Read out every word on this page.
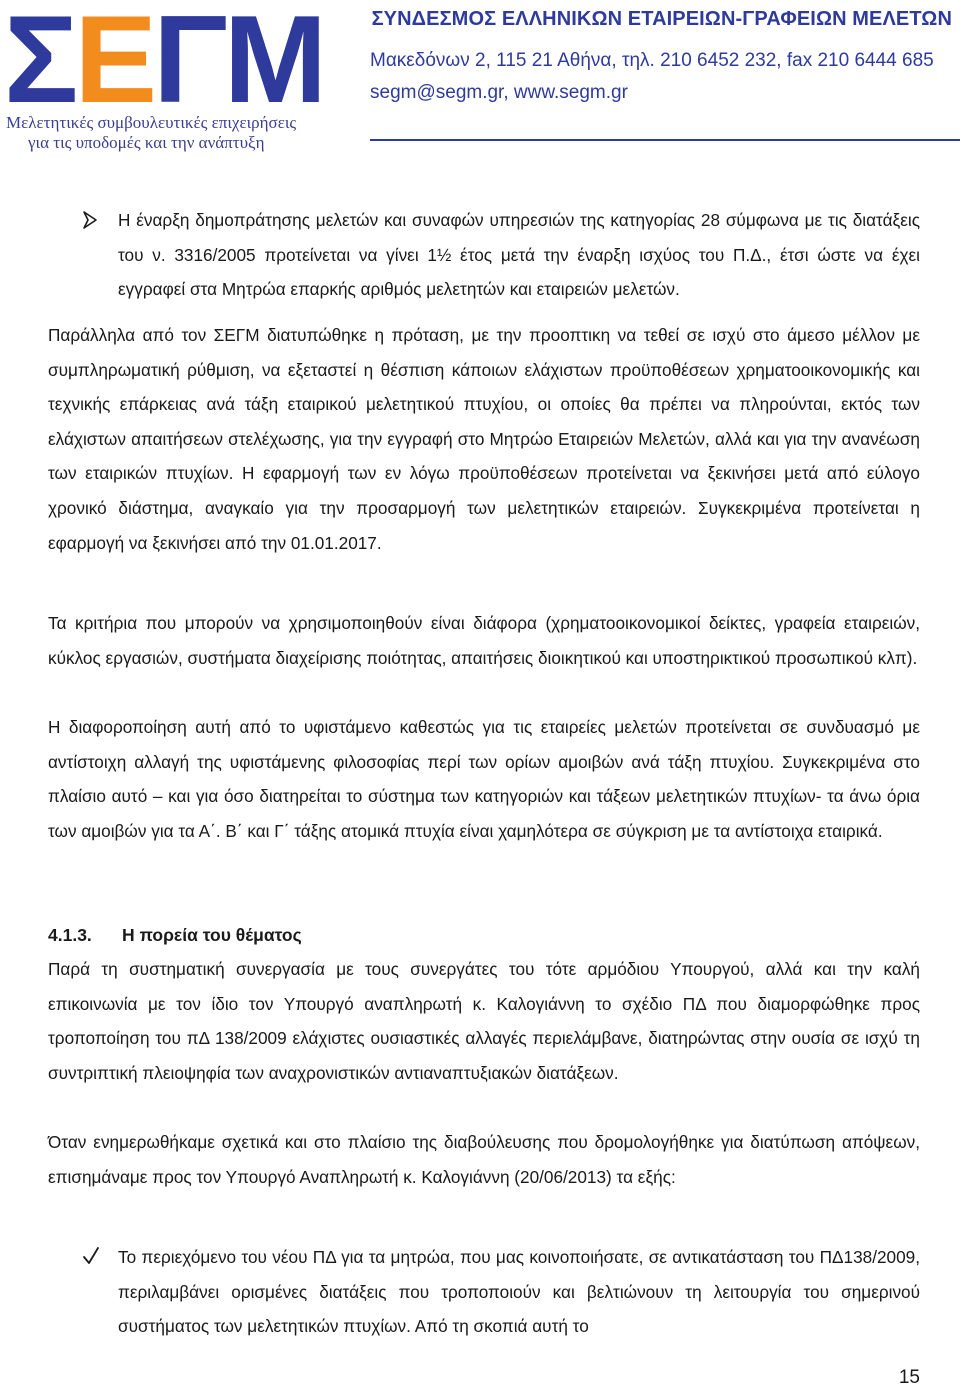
ΣΕΓΜ
Μελετητικές συμβουλευτικές επιχειρήσεις
για τις υποδομές και την ανάπτυξη
ΣΥΝΔΕΣΜΟΣ ΕΛΛΗΝΙΚΩΝ ΕΤΑΙΡΕΙΩΝ-ΓΡΑΦΕΙΩΝ ΜΕΛΕΤΩΝ
Μακεδόνων 2, 115 21 Αθήνα, τηλ. 210 6452 232, fax 210 6444 685
segm@segm.gr, www.segm.gr
Η έναρξη δημοπράτησης μελετών και συναφών υπηρεσιών της κατηγορίας 28 σύμφωνα με τις διατάξεις του ν. 3316/2005 προτείνεται να γίνει 1½ έτος μετά την έναρξη ισχύος του Π.Δ., έτσι ώστε να έχει εγγραφεί στα Μητρώα επαρκής αριθμός μελετητών και εταιρειών μελετών.
Παράλληλα από τον ΣΕΓΜ διατυπώθηκε η πρόταση, με την προοπτικη να τεθεί σε ισχύ στο άμεσο μέλλον με συμπληρωματική ρύθμιση, να εξεταστεί η θέσπιση κάποιων ελάχιστων προϋποθέσεων χρηματοοικονομικής και τεχνικής επάρκειας ανά τάξη εταιρικού μελετητικού πτυχίου, οι οποίες θα πρέπει να πληρούνται, εκτός των ελάχιστων απαιτήσεων στελέχωσης, για την εγγραφή στο Μητρώο Εταιρειών Μελετών, αλλά και για την ανανέωση των εταιρικών πτυχίων. Η εφαρμογή των εν λόγω προϋποθέσεων προτείνεται να ξεκινήσει μετά από εύλογο χρονικό διάστημα, αναγκαίο για την προσαρμογή των μελετητικών εταιρειών. Συγκεκριμένα προτείνεται η εφαρμογή να ξεκινήσει από την 01.01.2017.
Τα κριτήρια που μπορούν να χρησιμοποιηθούν είναι διάφορα (χρηματοοικονομικοί δείκτες, γραφεία εταιρειών, κύκλος εργασιών, συστήματα διαχείρισης ποιότητας, απαιτήσεις διοικητικού και υποστηρικτικού προσωπικού κλπ).
Η διαφοροποίηση αυτή από το υφιστάμενο καθεστώς για τις εταιρείες μελετών προτείνεται σε συνδυασμό με αντίστοιχη αλλαγή της υφιστάμενης φιλοσοφίας περί των ορίων αμοιβών ανά τάξη πτυχίου. Συγκεκριμένα στο πλαίσιο αυτό – και για όσο διατηρείται το σύστημα των κατηγοριών και τάξεων μελετητικών πτυχίων- τα άνω όρια των αμοιβών για τα Α΄. Β΄ και Γ΄ τάξης ατομικά πτυχία είναι χαμηλότερα σε σύγκριση με τα αντίστοιχα εταιρικά.
4.1.3. Η πορεία του θέματος
Παρά τη συστηματική συνεργασία με τους συνεργάτες του τότε αρμόδιου Υπουργού, αλλά και την καλή επικοινωνία με τον ίδιο τον Υπουργό αναπληρωτή κ. Καλογιάννη το σχέδιο ΠΔ που διαμορφώθηκε προς τροποποίηση του πΔ 138/2009 ελάχιστες ουσιαστικές αλλαγές περιελάμβανε, διατηρώντας στην ουσία σε ισχύ τη συντριπτική πλειοψηφία των αναχρονιστικών αντιαναπτυξιακών διατάξεων.
Όταν ενημερωθήκαμε σχετικά και στο πλαίσιο της διαβούλευσης που δρομολογήθηκε για διατύπωση απόψεων, επισημάναμε προς τον Υπουργό Αναπληρωτή κ. Καλογιάννη (20/06/2013) τα εξής:
Το περιεχόμενο του νέου ΠΔ για τα μητρώα, που μας κοινοποιήσατε, σε αντικατάσταση του ΠΔ138/2009, περιλαμβάνει ορισμένες διατάξεις που τροποποιούν και βελτιώνουν τη λειτουργία του σημερινού συστήματος των μελετητικών πτυχίων. Από τη σκοπιά αυτή το
15
